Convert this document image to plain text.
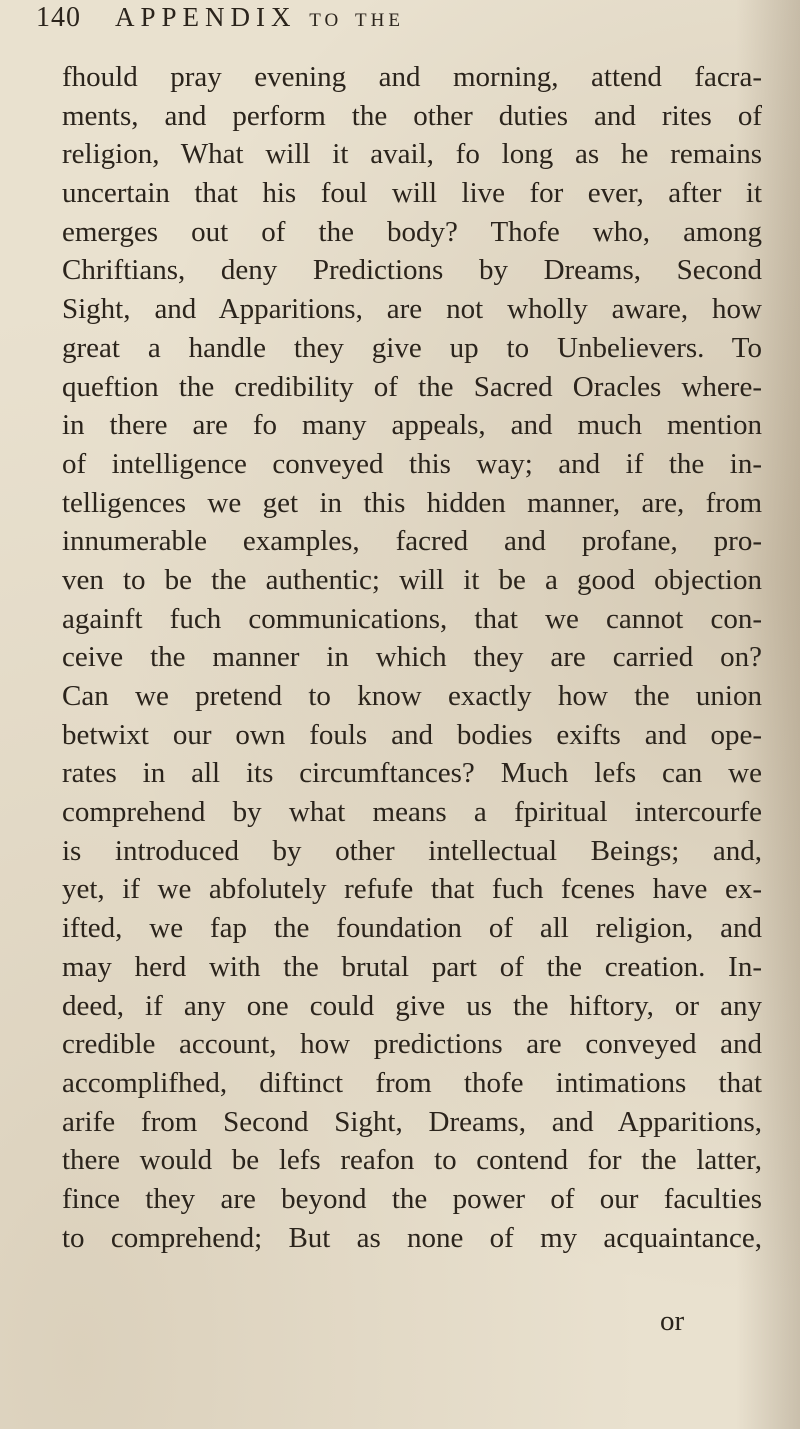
140 APPENDIX TO THE
fhould pray evening and morning, attend facra-
ments, and perform the other duties and rites of
religion, What will it avail, fo long as he remains
uncertain that his foul will live for ever, after it
emerges out of the body? Thofe who, among
Chriftians, deny Predictions by Dreams, Second
Sight, and Apparitions, are not wholly aware, how
great a handle they give up to Unbelievers. To
queftion the credibility of the Sacred Oracles where-
in there are fo many appeals, and much mention
of intelligence conveyed this way; and if the in-
telligences we get in this hidden manner, are, from
innumerable examples, facred and profane, pro-
ven to be the authentic; will it be a good objection
againft fuch communications, that we cannot con-
ceive the manner in which they are carried on?
Can we pretend to know exactly how the union
betwixt our own fouls and bodies exifts and ope-
rates in all its circumftances? Much lefs can we
comprehend by what means a fpiritual intercourfe
is introduced by other intellectual Beings; and,
yet, if we abfolutely refufe that fuch fcenes have ex-
ifted, we fap the foundation of all religion, and
may herd with the brutal part of the creation. In-
deed, if any one could give us the hiftory, or any
credible account, how predictions are conveyed and
accomplifhed, diftinct from thofe intimations that
arife from Second Sight, Dreams, and Apparitions,
there would be lefs reafon to contend for the latter,
fince they are beyond the power of our faculties
to comprehend; But as none of my acquaintance,
or
